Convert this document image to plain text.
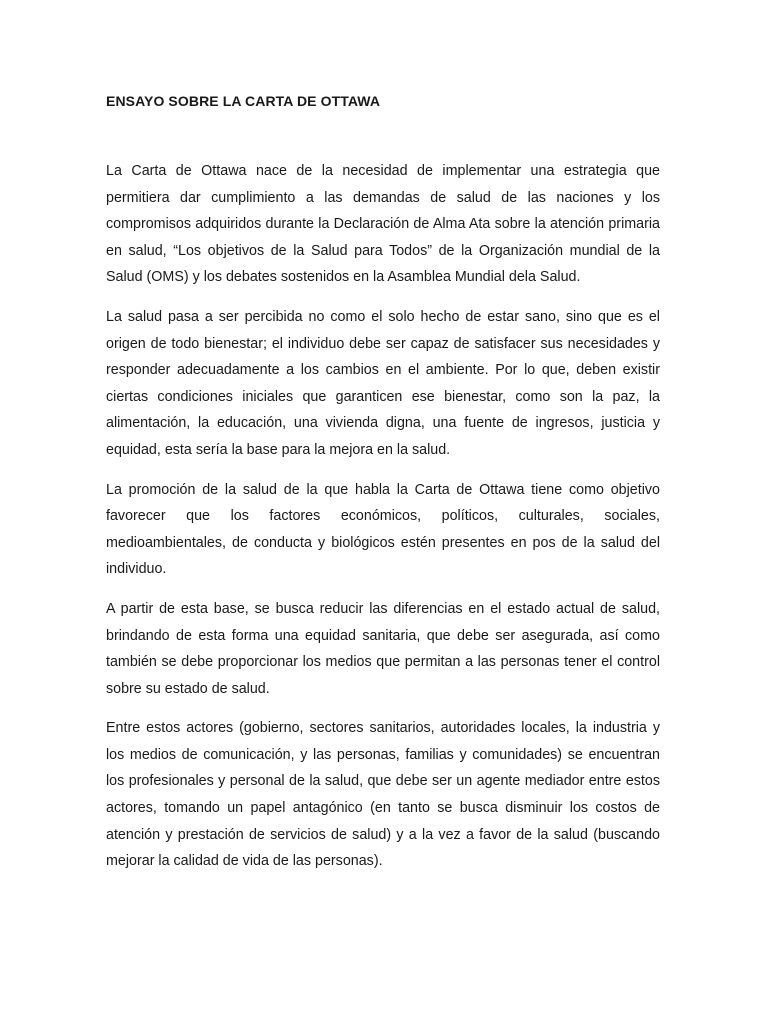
ENSAYO SOBRE LA CARTA DE OTTAWA

La Carta de Ottawa nace de la necesidad de implementar una estrategia que permitiera dar cumplimiento a las demandas de salud de las naciones y los compromisos adquiridos durante la Declaración de Alma Ata sobre la atención primaria en salud, “Los objetivos de la Salud para Todos” de la Organización mundial de la Salud (OMS) y los debates sostenidos en la Asamblea Mundial dela Salud.

La salud pasa a ser percibida no como el solo hecho de estar sano, sino que es el origen de todo bienestar; el individuo debe ser capaz de satisfacer sus necesidades y responder adecuadamente a los cambios en el ambiente. Por lo que, deben existir ciertas condiciones iniciales que garanticen ese bienestar, como son la paz, la alimentación, la educación, una vivienda digna, una fuente de ingresos, justicia y equidad, esta sería la base para la mejora en la salud.

La promoción de la salud de la que habla la Carta de Ottawa tiene como objetivo favorecer que los factores económicos, políticos, culturales, sociales, medioambientales, de conducta y biológicos estén presentes en pos de la salud del individuo.

A partir de esta base, se busca reducir las diferencias en el estado actual de salud, brindando de esta forma una equidad sanitaria, que debe ser asegurada, así como también se debe proporcionar los medios que permitan a las personas tener el control sobre su estado de salud.

Entre estos actores (gobierno, sectores sanitarios, autoridades locales, la industria y los medios de comunicación, y las personas, familias y comunidades) se encuentran los profesionales y personal de la salud, que debe ser un agente mediador entre estos actores, tomando un papel antagónico (en tanto se busca disminuir los costos de atención y prestación de servicios de salud) y a la vez a favor de la salud (buscando mejorar la calidad de vida de las personas).
